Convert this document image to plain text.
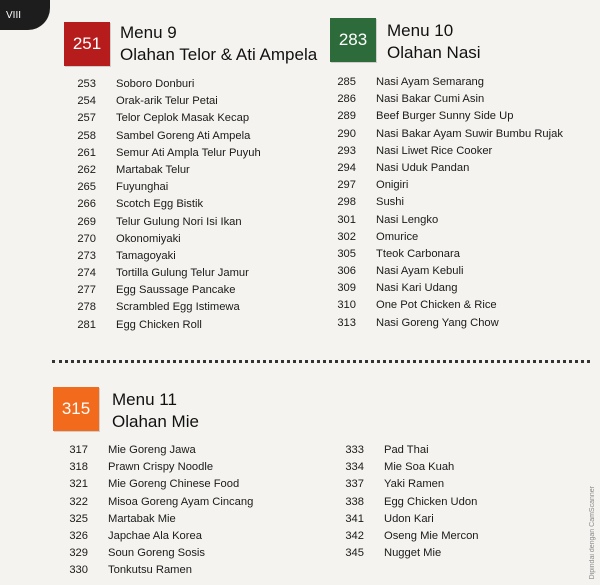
VIII
251
Menu 9
Olahan Telor & Ati Ampela
253 Soboro Donburi
254 Orak-arik Telur Petai
257 Telor Ceplok Masak Kecap
258 Sambel Goreng Ati Ampela
261 Semur Ati Ampla Telur Puyuh
262 Martabak Telur
265 Fuyunghai
266 Scotch Egg Bistik
269 Telur Gulung Nori Isi Ikan
270 Okonomiyaki
273 Tamagoyaki
274 Tortilla Gulung Telur Jamur
277 Egg Saussage Pancake
278 Scrambled Egg Istimewa
281 Egg Chicken Roll
283 Menu 10
Olahan Nasi
285 Nasi Ayam Semarang
286 Nasi Bakar Cumi Asin
289 Beef Burger Sunny Side Up
290 Nasi Bakar Ayam Suwir Bumbu Rujak
293 Nasi Liwet Rice Cooker
294 Nasi Uduk Pandan
297 Onigiri
298 Sushi
301 Nasi Lengko
302 Omurice
305 Tteok Carbonara
306 Nasi Ayam Kebuli
309 Nasi Kari Udang
310 One Pot Chicken & Rice
313 Nasi Goreng Yang Chow
315 Menu 11
Olahan Mie
317 Mie Goreng Jawa
318 Prawn Crispy Noodle
321 Mie Goreng Chinese Food
322 Misoa Goreng Ayam Cincang
325 Martabak Mie
326 Japchae Ala Korea
329 Soun Goreng Sosis
330 Tonkutsu Ramen
333 Pad Thai
334 Mie Soa Kuah
337 Yaki Ramen
338 Egg Chicken Udon
341 Udon Kari
342 Oseng Mie Mercon
345 Nugget Mie	Dipindai dengan CamScanner
